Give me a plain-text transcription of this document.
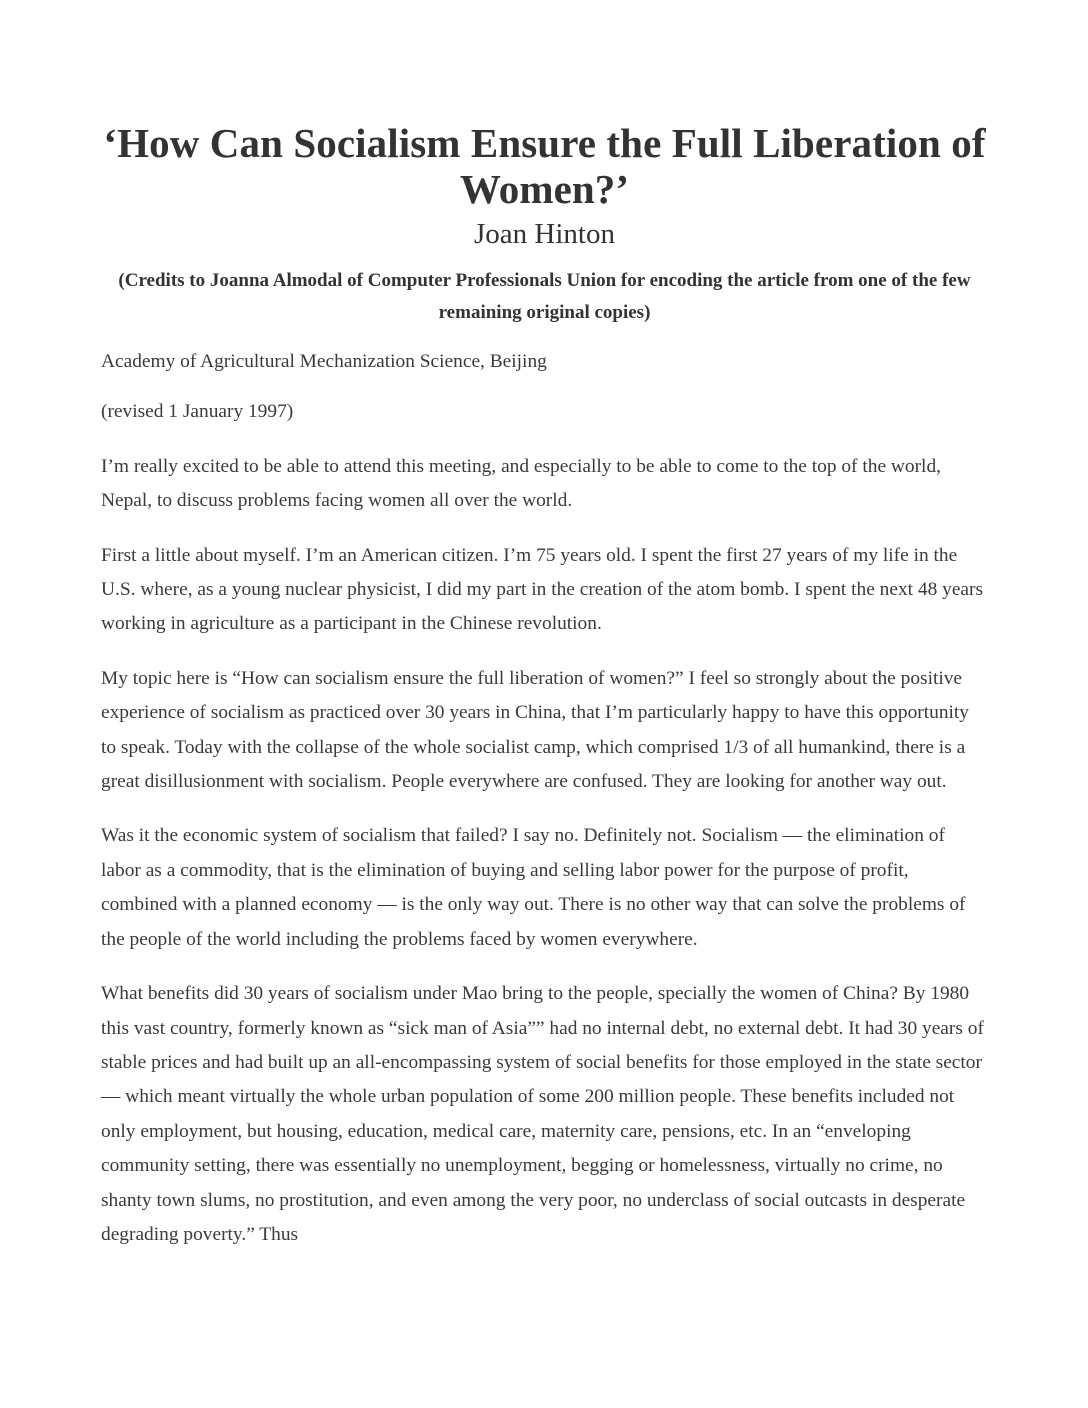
‘How Can Socialism Ensure the Full Liberation of Women?’
Joan Hinton
(Credits to Joanna Almodal of Computer Professionals Union for encoding the article from one of the few remaining original copies)

Academy of Agricultural Mechanization Science, Beijing

(revised 1 January 1997)

I’m really excited to be able to attend this meeting, and especially to be able to come to the top of the world, Nepal, to discuss problems facing women all over the world.

First a little about myself. I’m an American citizen. I’m 75 years old. I spent the first 27 years of my life in the U.S. where, as a young nuclear physicist, I did my part in the creation of the atom bomb. I spent the next 48 years working in agriculture as a participant in the Chinese revolution.

My topic here is “How can socialism ensure the full liberation of women?” I feel so strongly about the positive experience of socialism as practiced over 30 years in China, that I’m particularly happy to have this opportunity to speak. Today with the collapse of the whole socialist camp, which comprised 1/3 of all humankind, there is a great disillusionment with socialism. People everywhere are confused. They are looking for another way out.

Was it the economic system of socialism that failed? I say no. Definitely not. Socialism — the elimination of labor as a commodity, that is the elimination of buying and selling labor power for the purpose of profit, combined with a planned economy — is the only way out. There is no other way that can solve the problems of the people of the world including the problems faced by women everywhere.

What benefits did 30 years of socialism under Mao bring to the people, specially the women of China? By 1980 this vast country, formerly known as “sick man of Asia”” had no internal debt, no external debt. It had 30 years of stable prices and had built up an all-encompassing system of social benefits for those employed in the state sector — which meant virtually the whole urban population of some 200 million people. These benefits included not only employment, but housing, education, medical care, maternity care, pensions, etc. In an “enveloping community setting, there was essentially no unemployment, begging or homelessness, virtually no crime, no shanty town slums, no prostitution, and even among the very poor, no underclass of social outcasts in desperate degrading poverty.” Thus
